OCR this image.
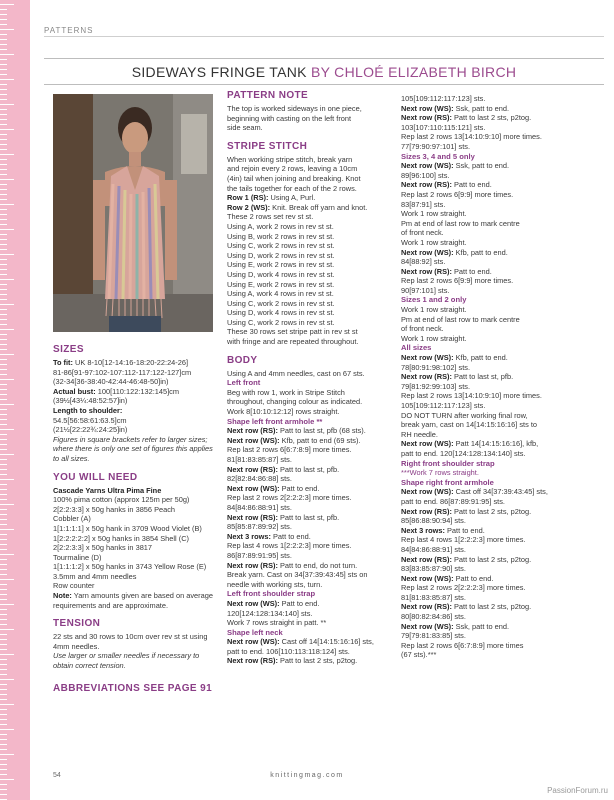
PATTERNS
SIDEWAYS FRINGE TANK BY CHLOÉ ELIZABETH BIRCH
SIZES
To fit: UK 8-10[12-14:16-18:20-22:24-26]
81-86[91-97:102-107:112-117:122-127]cm
(32-34[36-38:40-42:44-46:48-50]in)
Actual bust: 100[110:122:132:145]cm
(39½[43¼:48:52:57]in)
Length to shoulder:
54.5[56:58:61:63.5]cm
(21½[22:22¾:24:25]in)
Figures in square brackets refer to larger sizes; where there is only one set of figures this applies to all sizes.
YOU WILL NEED
Cascade Yarns Ultra Pima Fine
100% pima cotton (approx 125m per 50g)
2[2:2:3:3] x 50g hanks in 3856 Peach
Cobbler (A)
1[1:1:1:1] x 50g hank in 3709 Wood Violet (B)
1[2:2:2:2:2] x 50g hanks in 3854 Shell (C)
2[2:2:3:3] x 50g hanks in 3817
Tourmaline (D)
1[1:1:1:2] x 50g hanks in 3743 Yellow Rose (E)
3.5mm and 4mm needles
Row counter
Note: Yarn amounts given are based on average requirements and are approximate.
TENSION
22 sts and 30 rows to 10cm over rev st st using 4mm needles.
Use larger or smaller needles if necessary to obtain correct tension.
ABBREVIATIONS SEE PAGE 91
PATTERN NOTE
The top is worked sideways in one piece,
beginning with casting on the left front
side seam.
STRIPE STITCH
When working stripe stitch, break yarn
and rejoin every 2 rows, leaving a 10cm
(4in) tail when joining and breaking. Knot
the tails together for each of the 2 rows.
Row 1 (RS): Using A, Purl.
Row 2 (WS): Knit. Break off yarn and knot.
These 2 rows set rev st st.
Using A, work 2 rows in rev st st.
Using B, work 2 rows in rev st st.
Using C, work 2 rows in rev st st.
Using D, work 2 rows in rev st st.
Using E, work 2 rows in rev st st.
Using D, work 4 rows in rev st st.
Using E, work 2 rows in rev st st.
Using A, work 4 rows in rev st st.
Using C, work 2 rows in rev st st.
Using D, work 4 rows in rev st st.
Using C, work 2 rows in rev st st.
These 30 rows set stripe patt in rev st st
with fringe and are repeated throughout.
BODY
Using A and 4mm needles, cast on 67 sts.
Left front
Beg with row 1, work in Stripe Stitch
throughout, changing colour as indicated.
Work 8[10:10:12:12] rows straight.
Shape left front armhole **
Next row (RS): Patt to last st, pfb (68 sts).
Next row (WS): Kfb, patt to end (69 sts).
Rep last 2 rows 6[6:7:8:9] more times.
81[81:83:85:87] sts.
Next row (RS): Patt to last st, pfb.
82[82:84:86:88] sts.
Next row (WS): Patt to end.
Rep last 2 rows 2[2:2:2:3] more times.
84[84:86:88:91] sts.
Next row (RS): Patt to last st, pfb.
85[85:87:89:92] sts.
Next 3 rows: Patt to end.
Rep last 4 rows 1[2:2:2:3] more times.
86[87:89:91:95] sts.
Next row (RS): Patt to end, do not turn.
Break yarn. Cast on 34[37:39:43:45] sts on
needle with working sts, turn.
Left front shoulder strap
Next row (WS): Patt to end.
120[124:128:134:140] sts.
Work 7 rows straight in patt. **
Shape left neck
Next row (WS): Cast off 14[14:15:16:16] sts,
patt to end. 106[110:113:118:124] sts.
Next row (RS): Patt to last 2 sts, p2tog.
105[109:112:117:123] sts.
Next row (WS): Ssk, patt to end.
Next row (RS): Patt to last 2 sts, p2tog.
103[107:110:115:121] sts.
Rep last 2 rows 13[14:10:9:10] more times.
77[79:90:97:101] sts.
Sizes 3, 4 and 5 only
Next row (WS): Ssk, patt to end.
89[96:100] sts.
Next row (RS): Patt to end.
Rep last 2 rows 6[9:9] more times.
83[87:91] sts.
Work 1 row straight.
Pm at end of last row to mark centre
of front neck.
Work 1 row straight.
Next row (WS): Kfb, patt to end.
84[88:92] sts.
Next row (RS): Patt to end.
Rep last 2 rows 6[9:9] more times.
90[97:101] sts.
Sizes 1 and 2 only
Work 1 row straight.
Pm at end of last row to mark centre
of front neck.
Work 1 row straight.
All sizes
Next row (WS): Kfb, patt to end.
78[80:91:98:102] sts.
Next row (RS): Patt to last st, pfb.
79[81:92:99:103] sts.
Rep last 2 rows 13[14:10:9:10] more times.
105[109:112:117:123] sts.
DO NOT TURN after working final row,
break yarn, cast on 14[14:15:16:16] sts to
RH needle.
Next row (WS): Patt 14[14:15:16:16], kfb,
patt to end. 120[124:128:134:140] sts.
Right front shoulder strap
***Work 7 rows straight.
Shape right front armhole
Next row (WS): Cast off 34[37:39:43:45] sts,
patt to end. 86[87:89:91:95] sts.
Next row (RS): Patt to last 2 sts, p2tog.
85[86:88:90:94] sts.
Next 3 rows: Patt to end.
Rep last 4 rows 1[2:2:2:3] more times.
84[84:86:88:91] sts.
Next row (RS): Patt to last 2 sts, p2tog.
83[83:85:87:90] sts.
Next row (WS): Patt to end.
Rep last 2 rows 2[2:2:2:3] more times.
81[81:83:85:87] sts.
Next row (RS): Patt to last 2 sts, p2tog.
80[80:82:84:86] sts.
Next row (WS): Ssk, patt to end.
79[79:81:83:85] sts.
Rep last 2 rows 6[6:7:8:9] more times
(67 sts).***
54	knittingmag.com
PassionForum.ru
